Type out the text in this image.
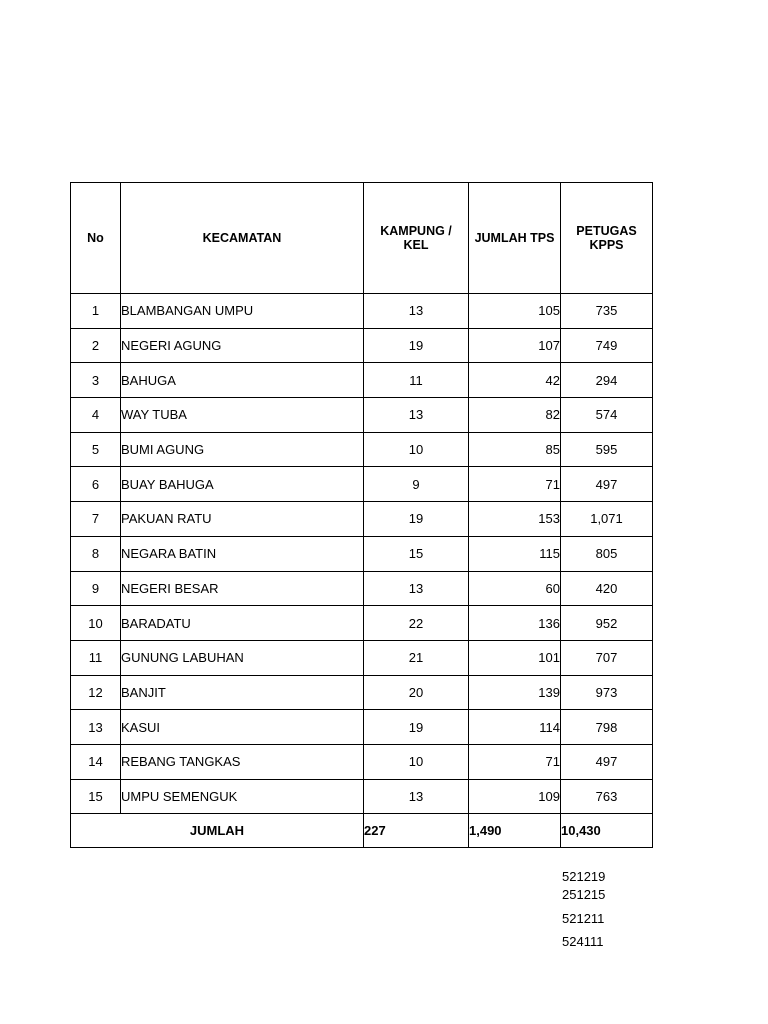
No	KECAMATAN	KAMPUNG / KEL	JUMLAH TPS	PETUGAS KPPS
1	BLAMBANGAN UMPU	13	105	735
2	NEGERI AGUNG	19	107	749
3	BAHUGA	11	42	294
4	WAY TUBA	13	82	574
5	BUMI AGUNG	10	85	595
6	BUAY BAHUGA	9	71	497
7	PAKUAN RATU	19	153	1,071
8	NEGARA BATIN	15	115	805
9	NEGERI BESAR	13	60	420
10	BARADATU	22	136	952
11	GUNUNG LABUHAN	21	101	707
12	BANJIT	20	139	973
13	KASUI	19	114	798
14	REBANG TANGKAS	10	71	497
15	UMPU SEMENGUK	13	109	763
JUMLAH		227	1,490	10,430
521219
251215
521211
524111
